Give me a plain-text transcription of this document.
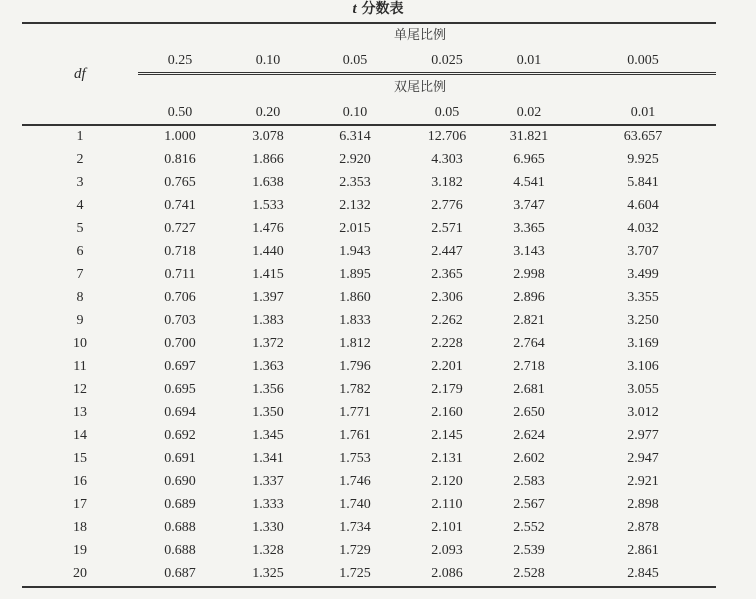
t 分数表
df
单尾比例
双尾比例
0.25	0.10	0.05	0.025	0.01	0.005
0.50	0.20	0.10	0.05	0.02	0.01
1	1.000	3.078	6.314	12.706	31.821	63.657
2	0.816	1.866	2.920	4.303	6.965	9.925
3	0.765	1.638	2.353	3.182	4.541	5.841
4	0.741	1.533	2.132	2.776	3.747	4.604
5	0.727	1.476	2.015	2.571	3.365	4.032
6	0.718	1.440	1.943	2.447	3.143	3.707
7	0.711	1.415	1.895	2.365	2.998	3.499
8	0.706	1.397	1.860	2.306	2.896	3.355
9	0.703	1.383	1.833	2.262	2.821	3.250
10	0.700	1.372	1.812	2.228	2.764	3.169
11	0.697	1.363	1.796	2.201	2.718	3.106
12	0.695	1.356	1.782	2.179	2.681	3.055
13	0.694	1.350	1.771	2.160	2.650	3.012
14	0.692	1.345	1.761	2.145	2.624	2.977
15	0.691	1.341	1.753	2.131	2.602	2.947
16	0.690	1.337	1.746	2.120	2.583	2.921
17	0.689	1.333	1.740	2.110	2.567	2.898
18	0.688	1.330	1.734	2.101	2.552	2.878
19	0.688	1.328	1.729	2.093	2.539	2.861
20	0.687	1.325	1.725	2.086	2.528	2.845
